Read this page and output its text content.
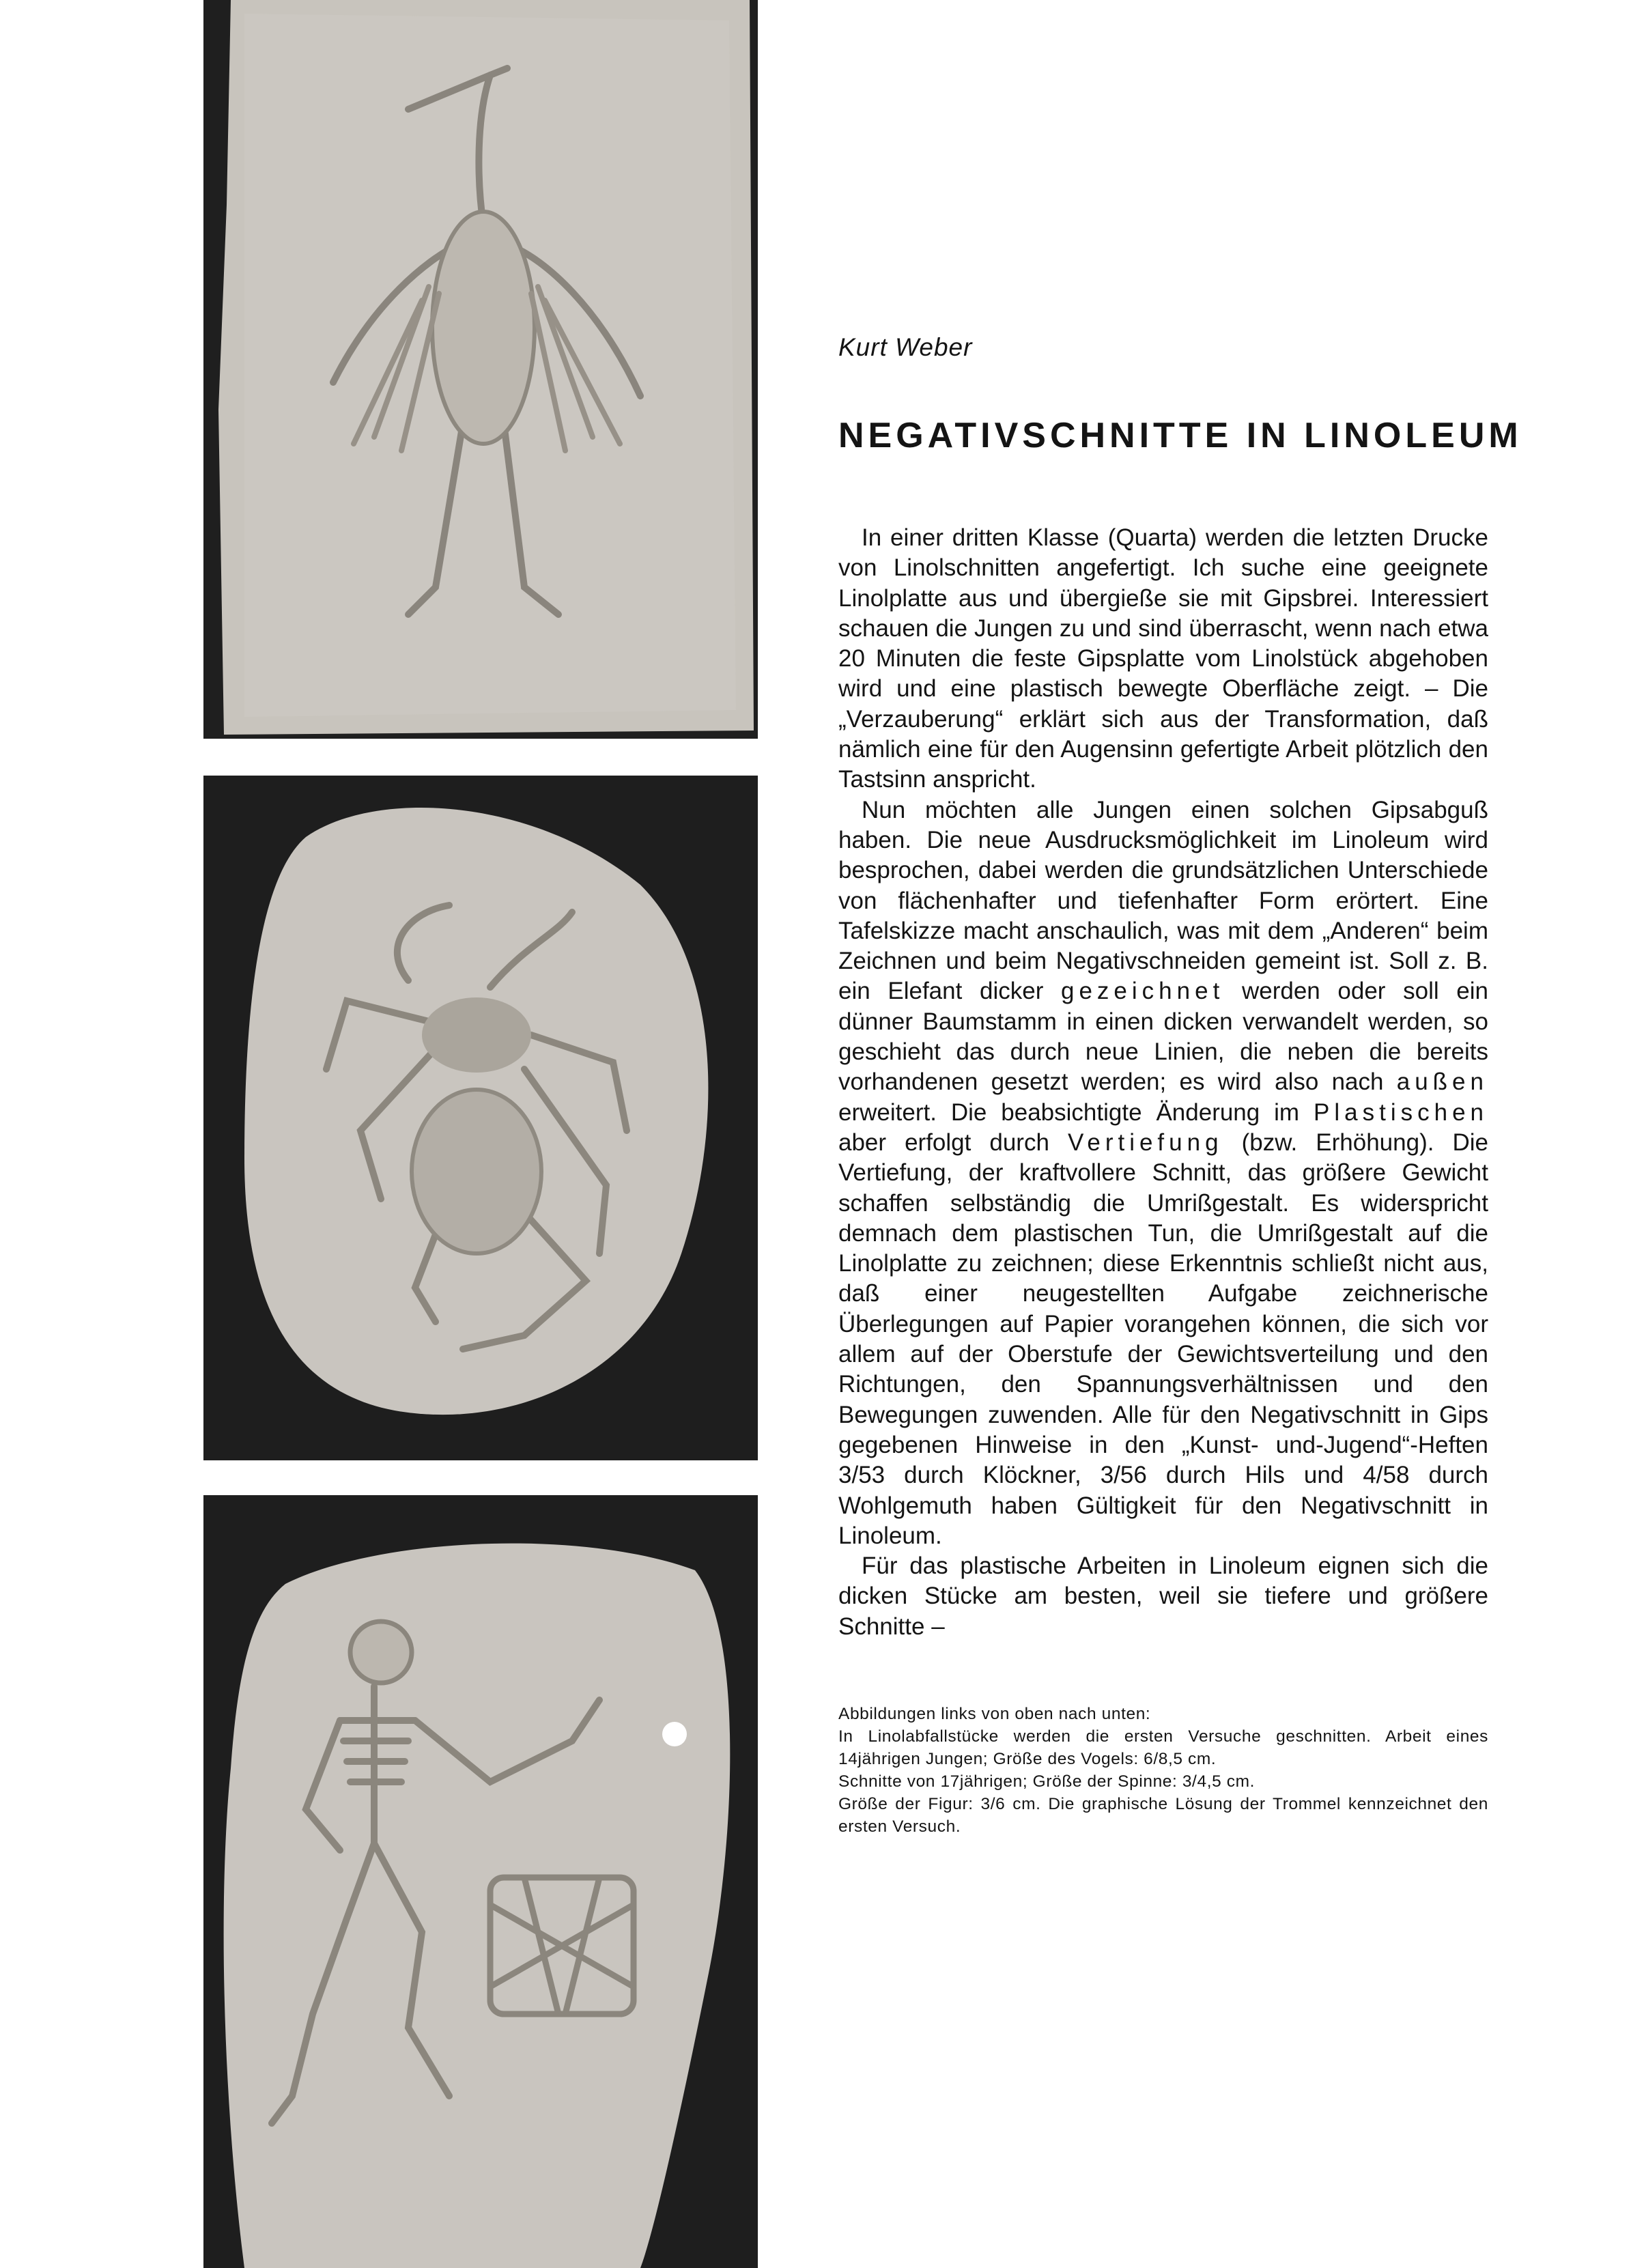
Kurt Weber
NEGATIVSCHNITTE IN LINOLEUM

In einer dritten Klasse (Quarta) werden die letzten Drucke von Linolschnitten angefertigt. Ich suche eine geeignete Linolplatte aus und übergieße sie mit Gipsbrei. Interessiert schauen die Jungen zu und sind überrascht, wenn nach etwa 20 Minuten die feste Gipsplatte vom Linolstück abgehoben wird und eine plastisch bewegte Oberfläche zeigt. – Die „Verzauberung“ erklärt sich aus der Transformation, daß nämlich eine für den Augensinn gefertigte Arbeit plötzlich den Tastsinn anspricht.

Nun möchten alle Jungen einen solchen Gipsabguß haben. Die neue Ausdrucksmöglichkeit im Linoleum wird besprochen, dabei werden die grundsätzlichen Unterschiede von flächenhafter und tiefenhafter Form erörtert. Eine Tafelskizze macht anschaulich, was mit dem „Anderen“ beim Zeichnen und beim Negativschneiden gemeint ist. Soll z. B. ein Elefant dicker gezeichnet werden oder soll ein dünner Baumstamm in einen dicken verwandelt werden, so geschieht das durch neue Linien, die neben die bereits vorhandenen gesetzt werden; es wird also nach außen erweitert. Die beabsichtigte Änderung im Plastischen aber erfolgt durch Vertiefung (bzw. Erhöhung). Die Vertiefung, der kraftvollere Schnitt, das größere Gewicht schaffen selbständig die Umrißgestalt. Es widerspricht demnach dem plastischen Tun, die Umrißgestalt auf die Linolplatte zu zeichnen; diese Erkenntnis schließt nicht aus, daß einer neugestellten Aufgabe zeichnerische Überlegungen auf Papier vorangehen können, die sich vor allem auf der Oberstufe der Gewichtsverteilung und den Richtungen, den Spannungsverhältnissen und den Bewegungen zuwenden. Alle für den Negativschnitt in Gips gegebenen Hinweise in den „Kunst- und-Jugend“-Heften 3/53 durch Klöckner, 3/56 durch Hils und 4/58 durch Wohlgemuth haben Gültigkeit für den Negativschnitt in Linoleum.

Für das plastische Arbeiten in Linoleum eignen sich die dicken Stücke am besten, weil sie tiefere und größere Schnitte –

Abbildungen links von oben nach unten:

In Linolabfallstücke werden die ersten Versuche geschnitten. Arbeit eines 14jährigen Jungen; Größe des Vogels: 6/8,5 cm.

Schnitte von 17jährigen; Größe der Spinne: 3/4,5 cm.

Größe der Figur: 3/6 cm. Die graphische Lösung der Trommel kennzeichnet den ersten Versuch.
